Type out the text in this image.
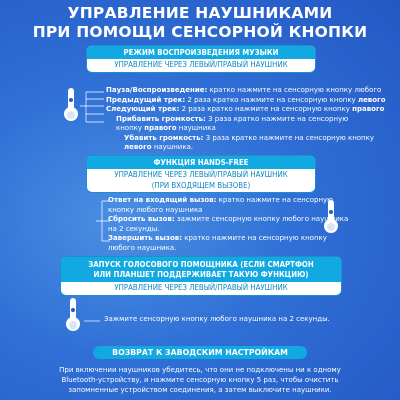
УПРАВЛЕНИЕ НАУШНИКАМИ
ПРИ ПОМОЩИ СЕНСОРНОЙ КНОПКИ
РЕЖИМ ВОСПРОИЗВЕДЕНИЯ МУЗЫКИ
УПРАВЛЕНИЕ ЧЕРЕЗ ЛЕВЫЙ/ПРАВЫЙ НАУШНИК
Пауза/Воспроизведение: кратко нажмите на сенсорную кнопку любого
Предыдущий трек: 2 раза кратко нажмите на сенсорную кнопку левого
Следующий трек: 2 раза кратко нажмите на сенсорную кнопку правого
Прибавить громкость: 3 раза кратко нажмите на сенсорную
кнопку правого наушника
Убавить громкость: 3 раза кратко нажмите на сенсорную кнопку
левого наушника.
ФУНКЦИЯ HANDS-FREE
УПРАВЛЕНИЕ ЧЕРЕЗ ЛЕВЫЙ/ПРАВЫЙ НАУШНИК
(ПРИ ВХОДЯЩЕМ ВЫЗОВЕ)
Ответ на входящий вызов: кратко нажмите на сенсорную
кнопку любого наушника
Сбросить вызов: зажмите сенсорную кнопку любого наушника
на 2 секунды.
Завершить вызов: кратко нажмите на сенсорную кнопку
любого наушника.
ЗАПУСК ГОЛОСОВОГО ПОМОЩНИКА (ЕСЛИ СМАРТФОН
ИЛИ ПЛАНШЕТ ПОДДЕРЖИВАЕТ ТАКУЮ ФУНКЦИЮ)
УПРАВЛЕНИЕ ЧЕРЕЗ ЛЕВЫЙ/ПРАВЫЙ НАУШНИК
Зажмите сенсорную кнопку любого наушника на 2 секунды.
ВОЗВРАТ К ЗАВОДСКИМ НАСТРОЙКАМ
При включении наушников убедитесь, что они не подключены ни к одному
Bluetooth-устройству, и нажмите сенсорную кнопку 5 раз, чтобы очистить
запомненные устройством соединения, а затем выключите наушники.
